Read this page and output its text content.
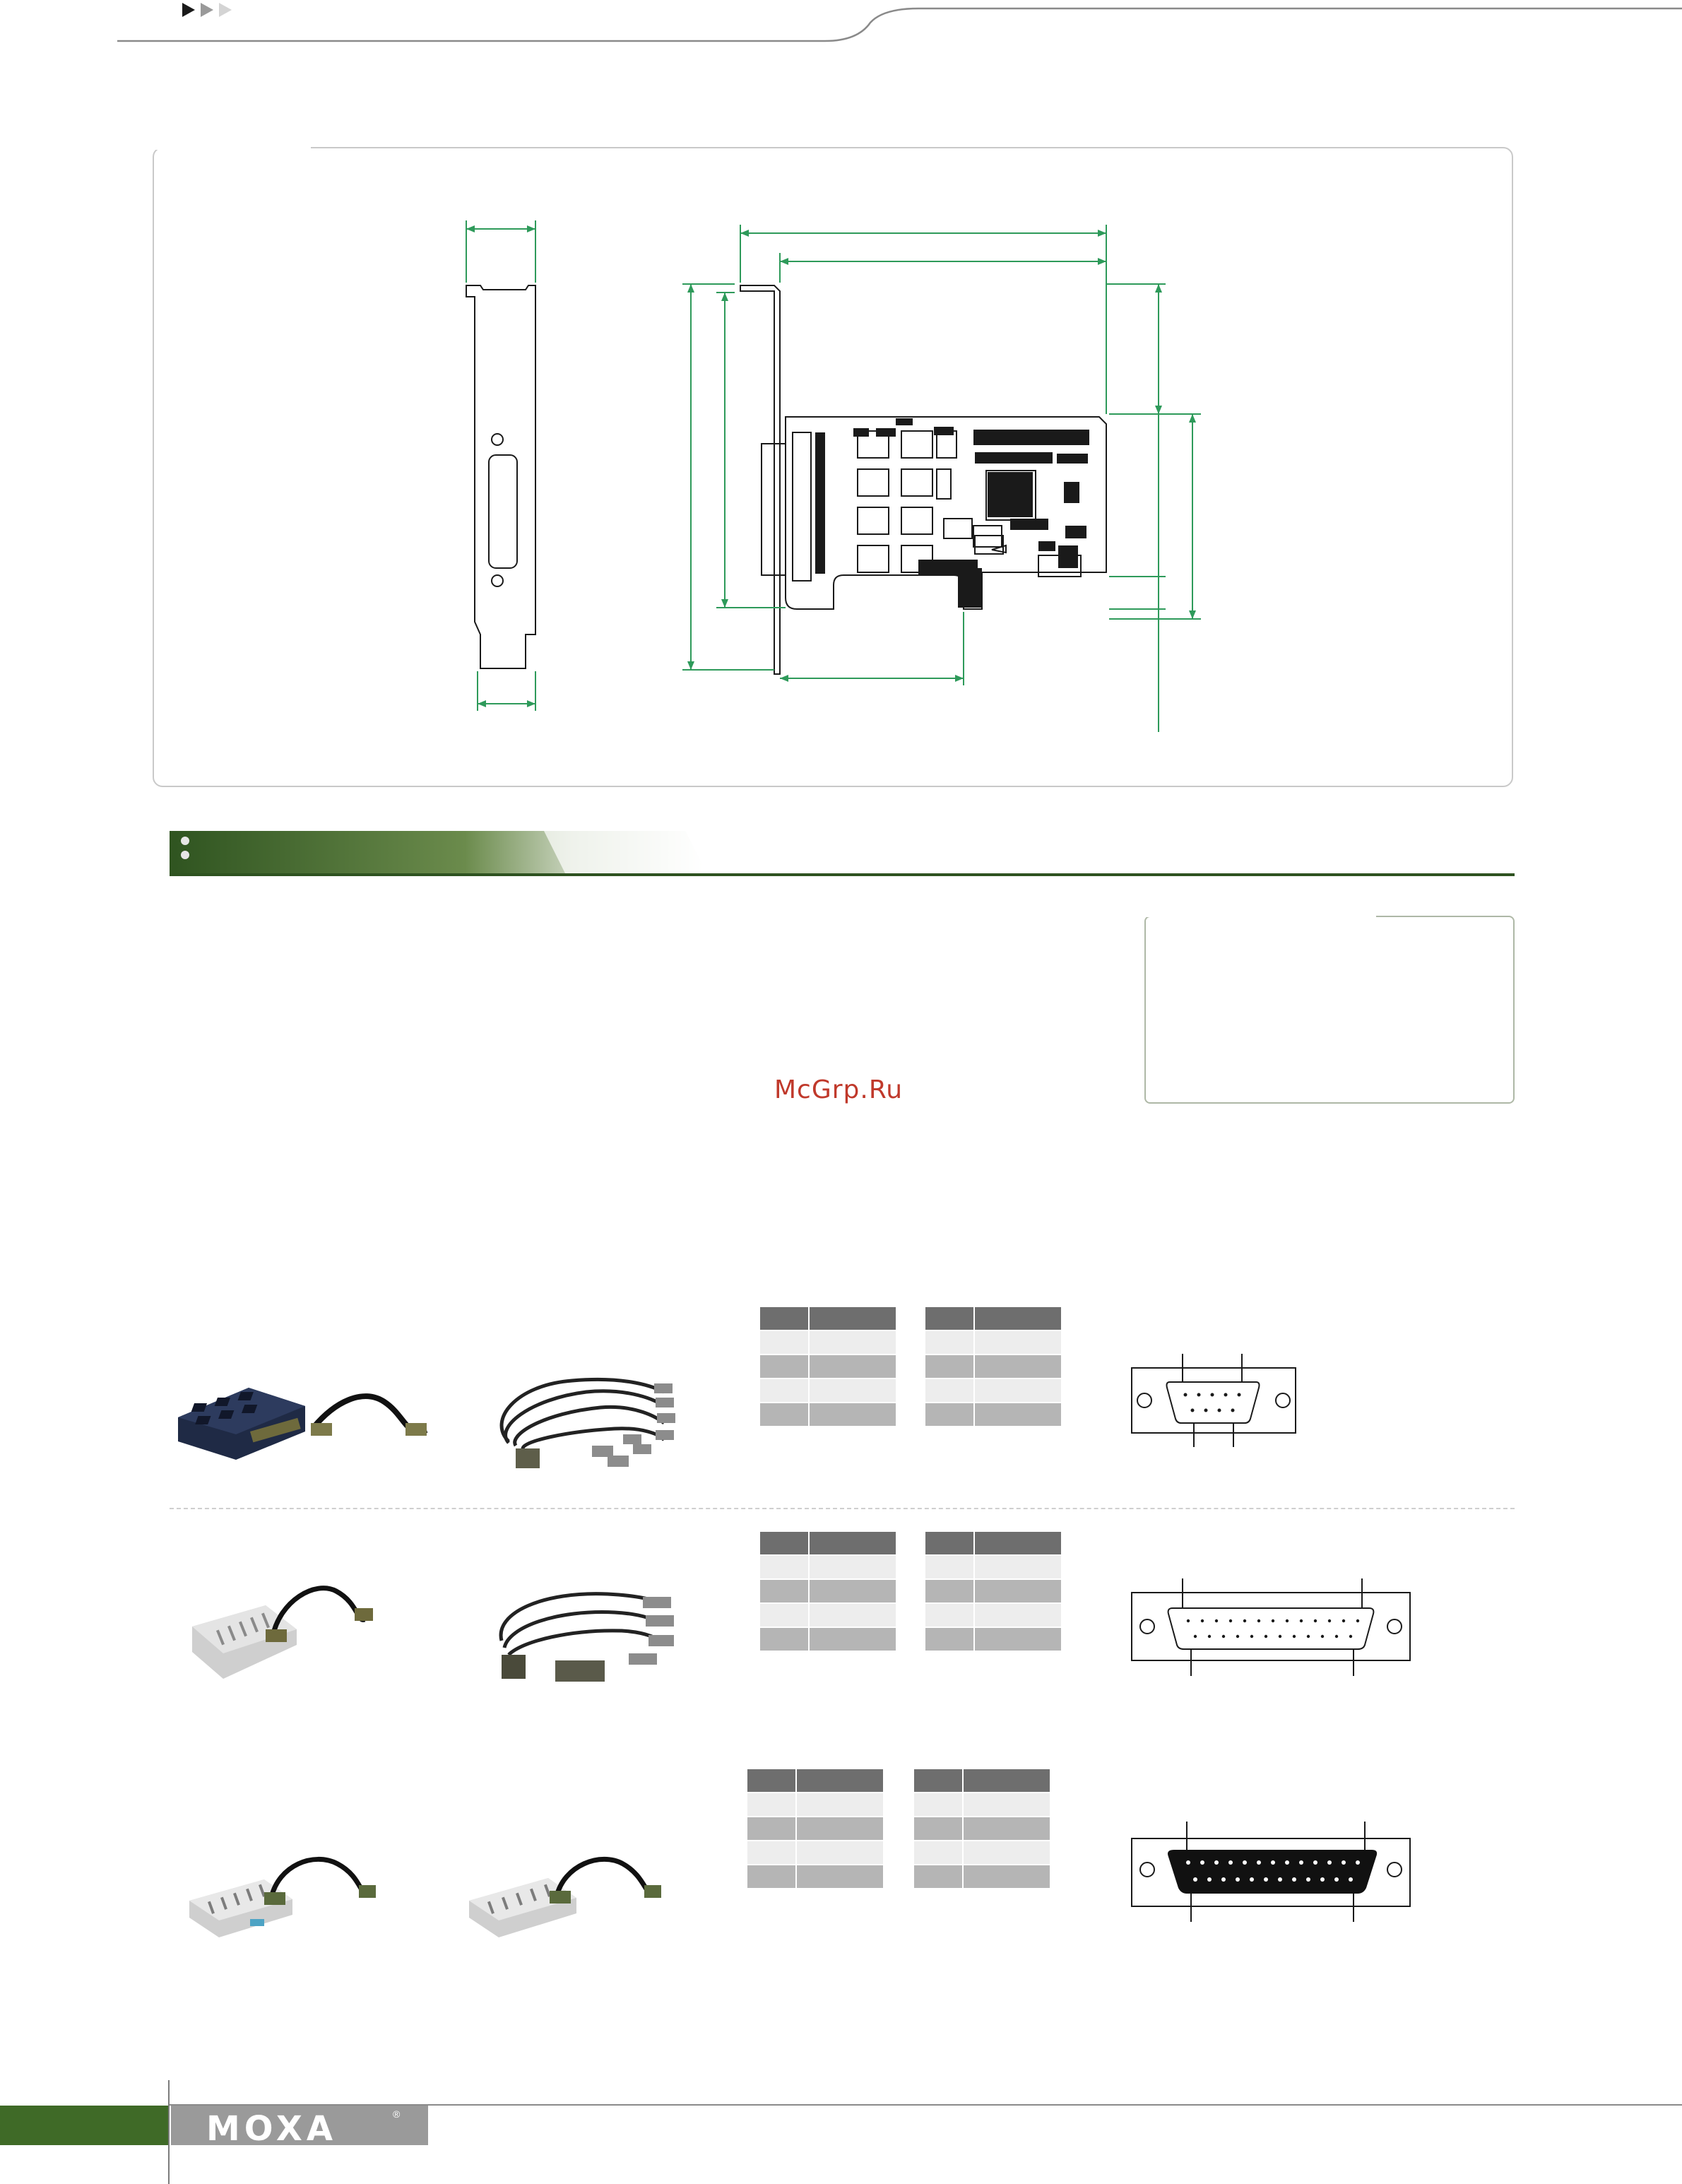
McGrp.Ru

MOXA	®
